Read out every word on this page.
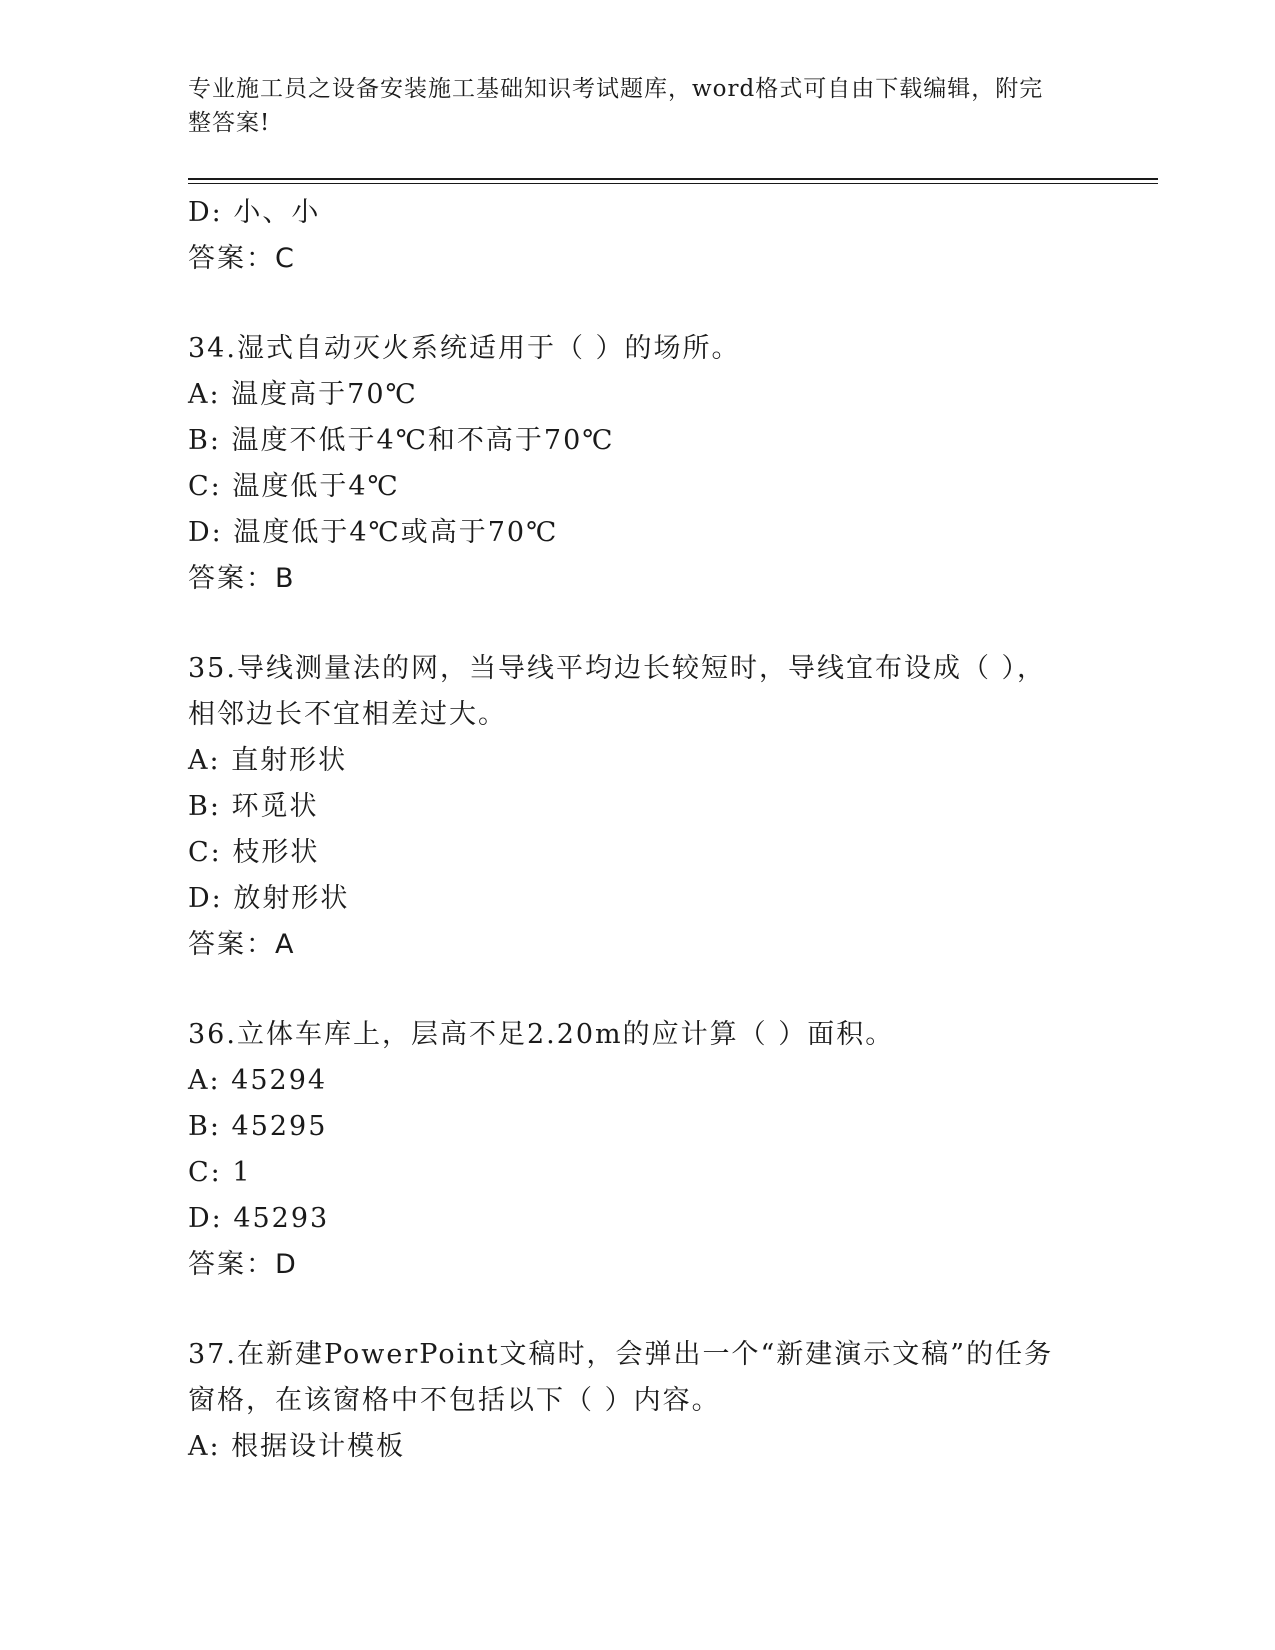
专业施工员之设备安装施工基础知识考试题库，word格式可自由下载编辑，附完
整答案!
D: 小、小
答案：C
34.湿式自动灭火系统适用于（ ）的场所。
A: 温度高于70℃
B: 温度不低于4℃和不高于70℃
C: 温度低于4℃
D: 温度低于4℃或高于70℃
答案：B
35.导线测量法的网，当导线平均边长较短时，导线宜布设成（ ），
相邻边长不宜相差过大。
A: 直射形状
B: 环觅状
C: 枝形状
D: 放射形状
答案：A
36.立体车库上，层高不足2.20m的应计算（ ）面积。
A: 45294
B: 45295
C: 1
D: 45293
答案：D
37.在新建PowerPoint文稿时，会弹出一个“新建演示文稿”的任务
窗格，在该窗格中不包括以下（ ）内容。
A: 根据设计模板
